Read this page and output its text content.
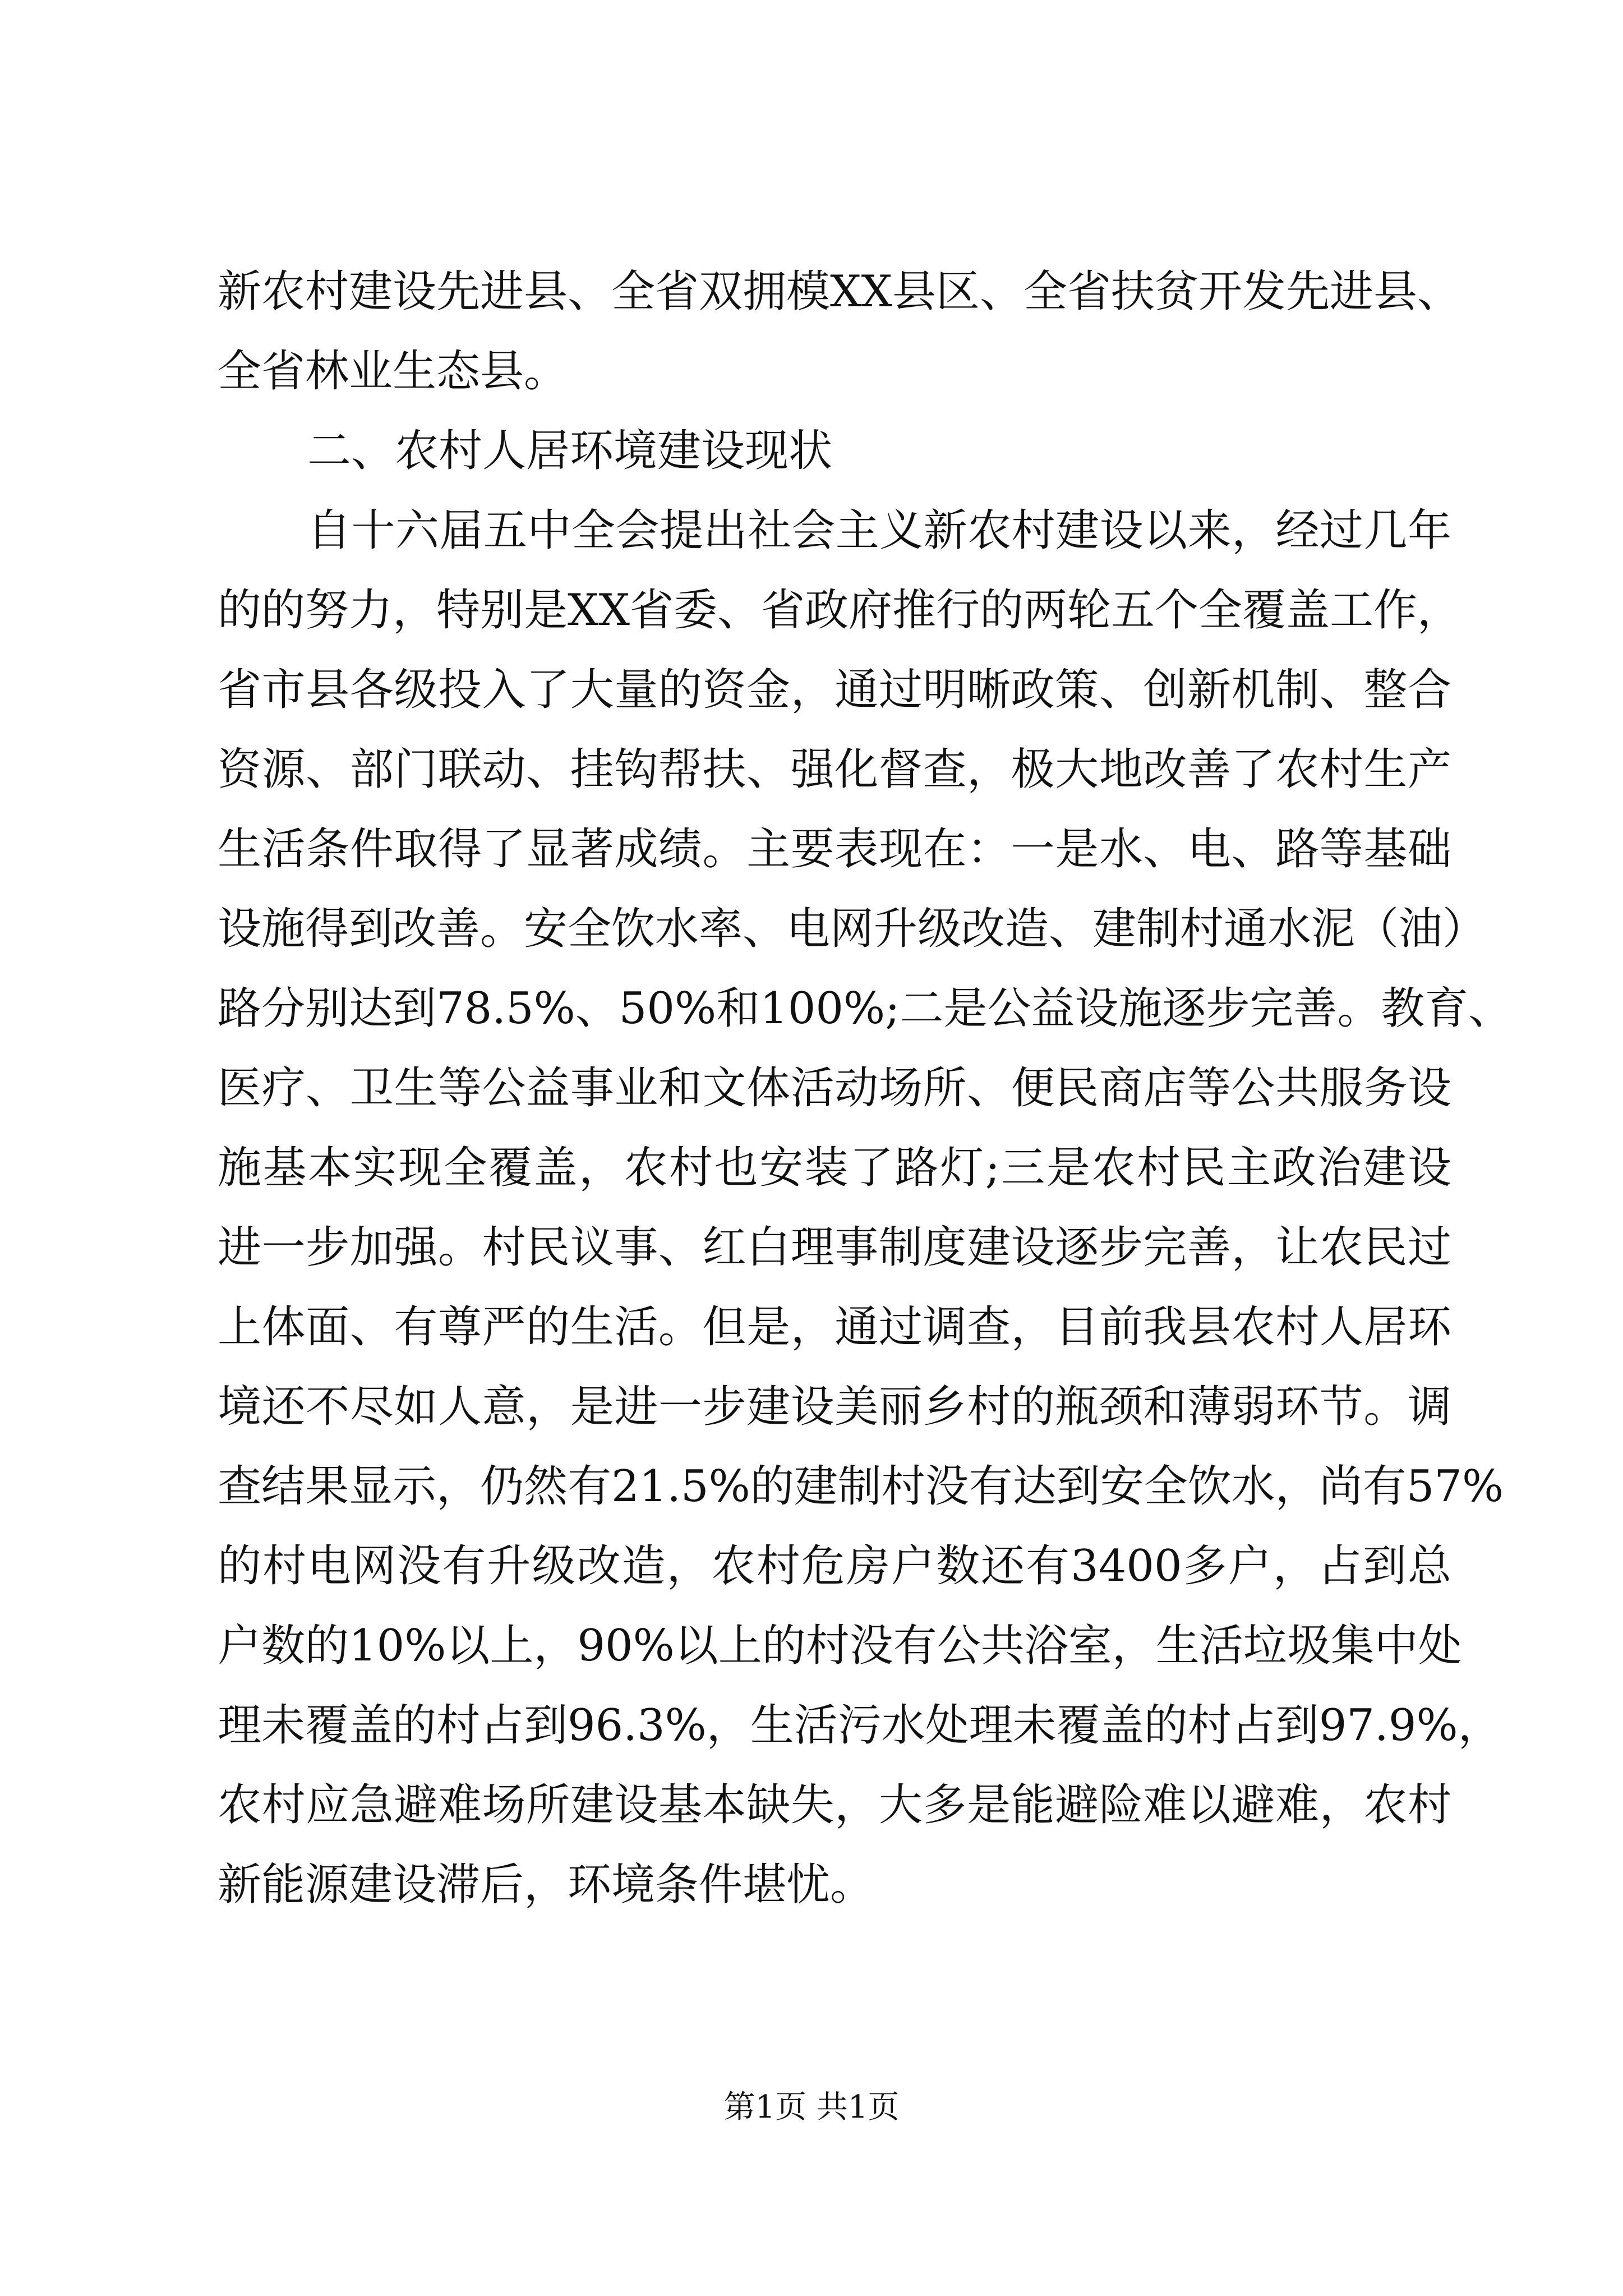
新农村建设先进县、全省双拥模XX县区、全省扶贫开发先进县、
全省林业生态县。
二、农村人居环境建设现状
自十六届五中全会提出社会主义新农村建设以来，经过几年
的的努力，特别是XX省委、省政府推行的两轮五个全覆盖工作，
省市县各级投入了大量的资金，通过明晰政策、创新机制、整合
资源、部门联动、挂钩帮扶、强化督查，极大地改善了农村生产
生活条件取得了显著成绩。主要表现在：一是水、电、路等基础
设施得到改善。安全饮水率、电网升级改造、建制村通水泥（油）
路分别达到78.5%、50%和100%;二是公益设施逐步完善。教育、
医疗、卫生等公益事业和文体活动场所、便民商店等公共服务设
施基本实现全覆盖，农村也安装了路灯;三是农村民主政治建设
进一步加强。村民议事、红白理事制度建设逐步完善，让农民过
上体面、有尊严的生活。但是，通过调查，目前我县农村人居环
境还不尽如人意，是进一步建设美丽乡村的瓶颈和薄弱环节。调
查结果显示，仍然有21.5%的建制村没有达到安全饮水，尚有57%
的村电网没有升级改造，农村危房户数还有3400多户，占到总
户数的10%以上，90%以上的村没有公共浴室，生活垃圾集中处
理未覆盖的村占到96.3%，生活污水处理未覆盖的村占到97.9%，
农村应急避难场所建设基本缺失，大多是能避险难以避难，农村
新能源建设滞后，环境条件堪忧。
第1页 共1页
